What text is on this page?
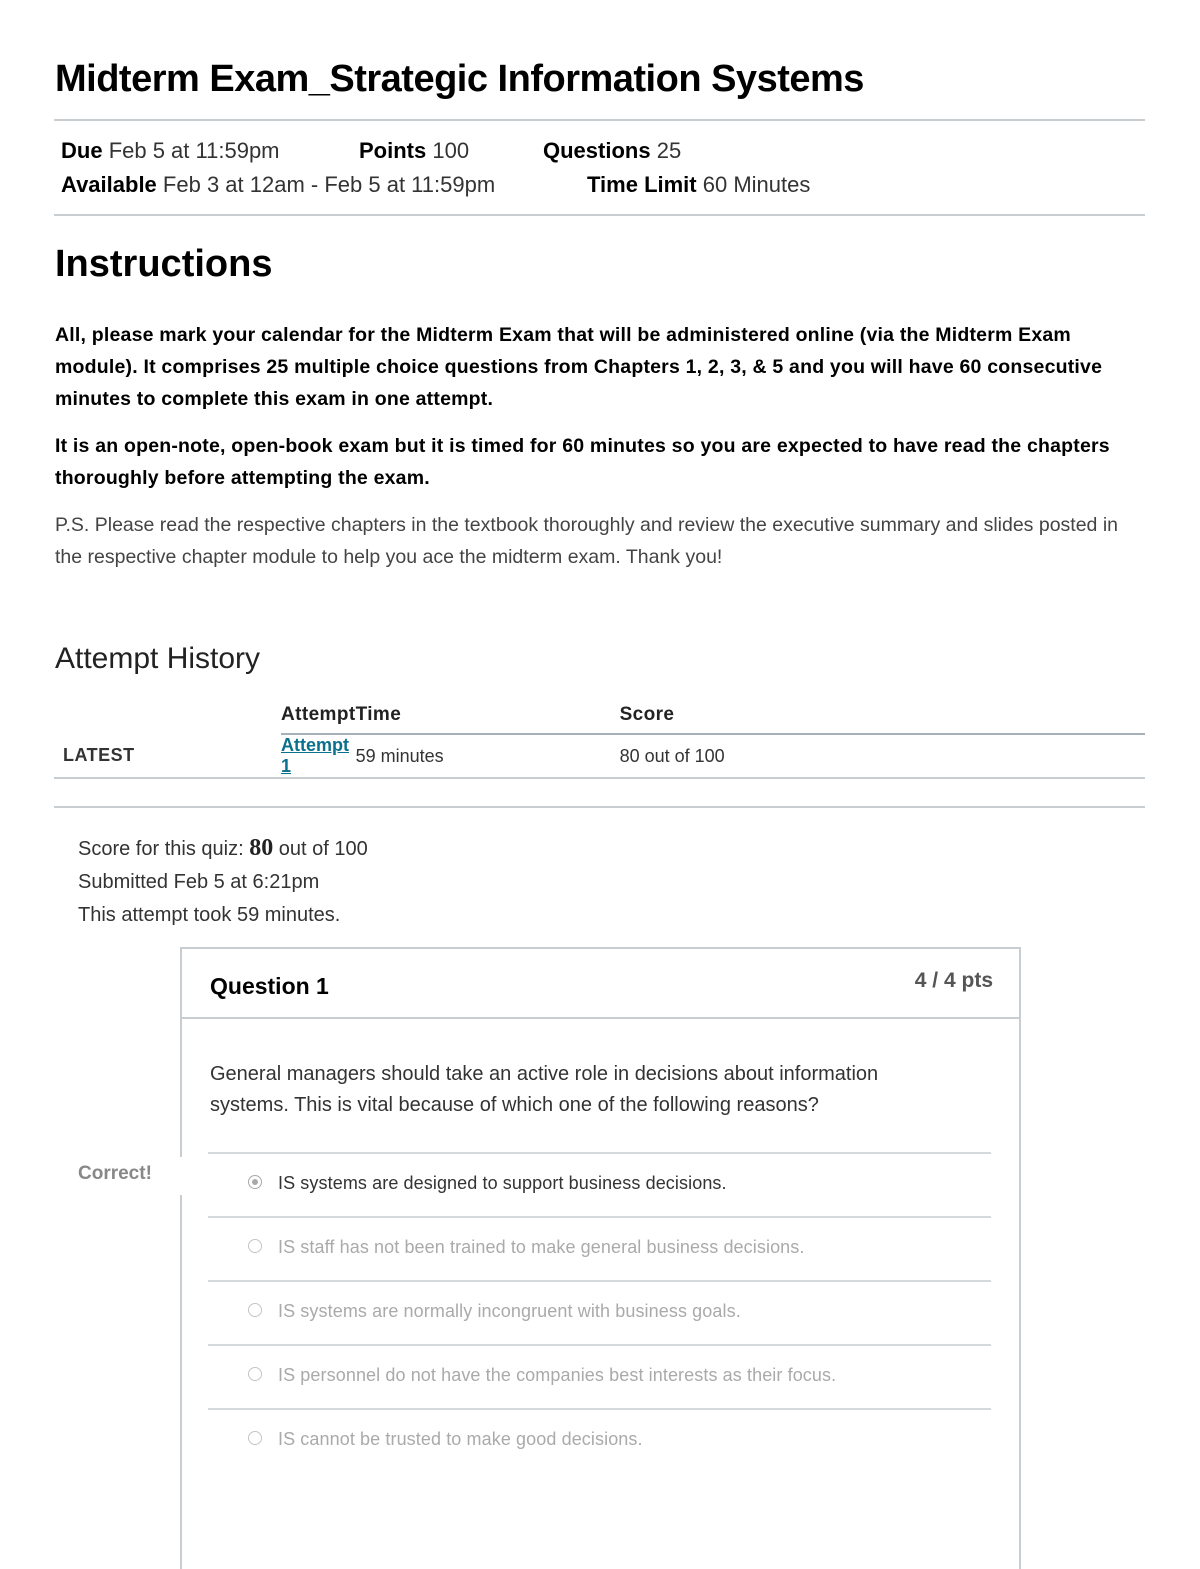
Midterm Exam_Strategic Information Systems
Due Feb 5 at 11:59pm	Points 100	Questions 25
Available Feb 3 at 12am - Feb 5 at 11:59pm	Time Limit 60 Minutes
Instructions

All, please mark your calendar for the Midterm Exam that will be administered online (via the Midterm Exam module). It comprises 25 multiple choice questions from Chapters 1, 2, 3, & 5 and you will have 60 consecutive minutes to complete this exam in one attempt.

It is an open-note, open-book exam but it is timed for 60 minutes so you are expected to have read the chapters thoroughly before attempting the exam.

P.S. Please read the respective chapters in the textbook thoroughly and review the executive summary and slides posted in the respective chapter module to help you ace the midterm exam. Thank you!

Attempt History
	Attempt	Time	Score
LATEST	Attempt 1	59 minutes	80 out of 100
Score for this quiz: 80 out of 100
Submitted Feb 5 at 6:21pm
This attempt took 59 minutes.
Correct!
Question 1	4 / 4 pts
General managers should take an active role in decisions about information systems. This is vital because of which one of the following reasons?
IS systems are designed to support business decisions.
IS staff has not been trained to make general business decisions.
IS systems are normally incongruent with business goals.
IS personnel do not have the companies best interests as their focus.
IS cannot be trusted to make good decisions.
